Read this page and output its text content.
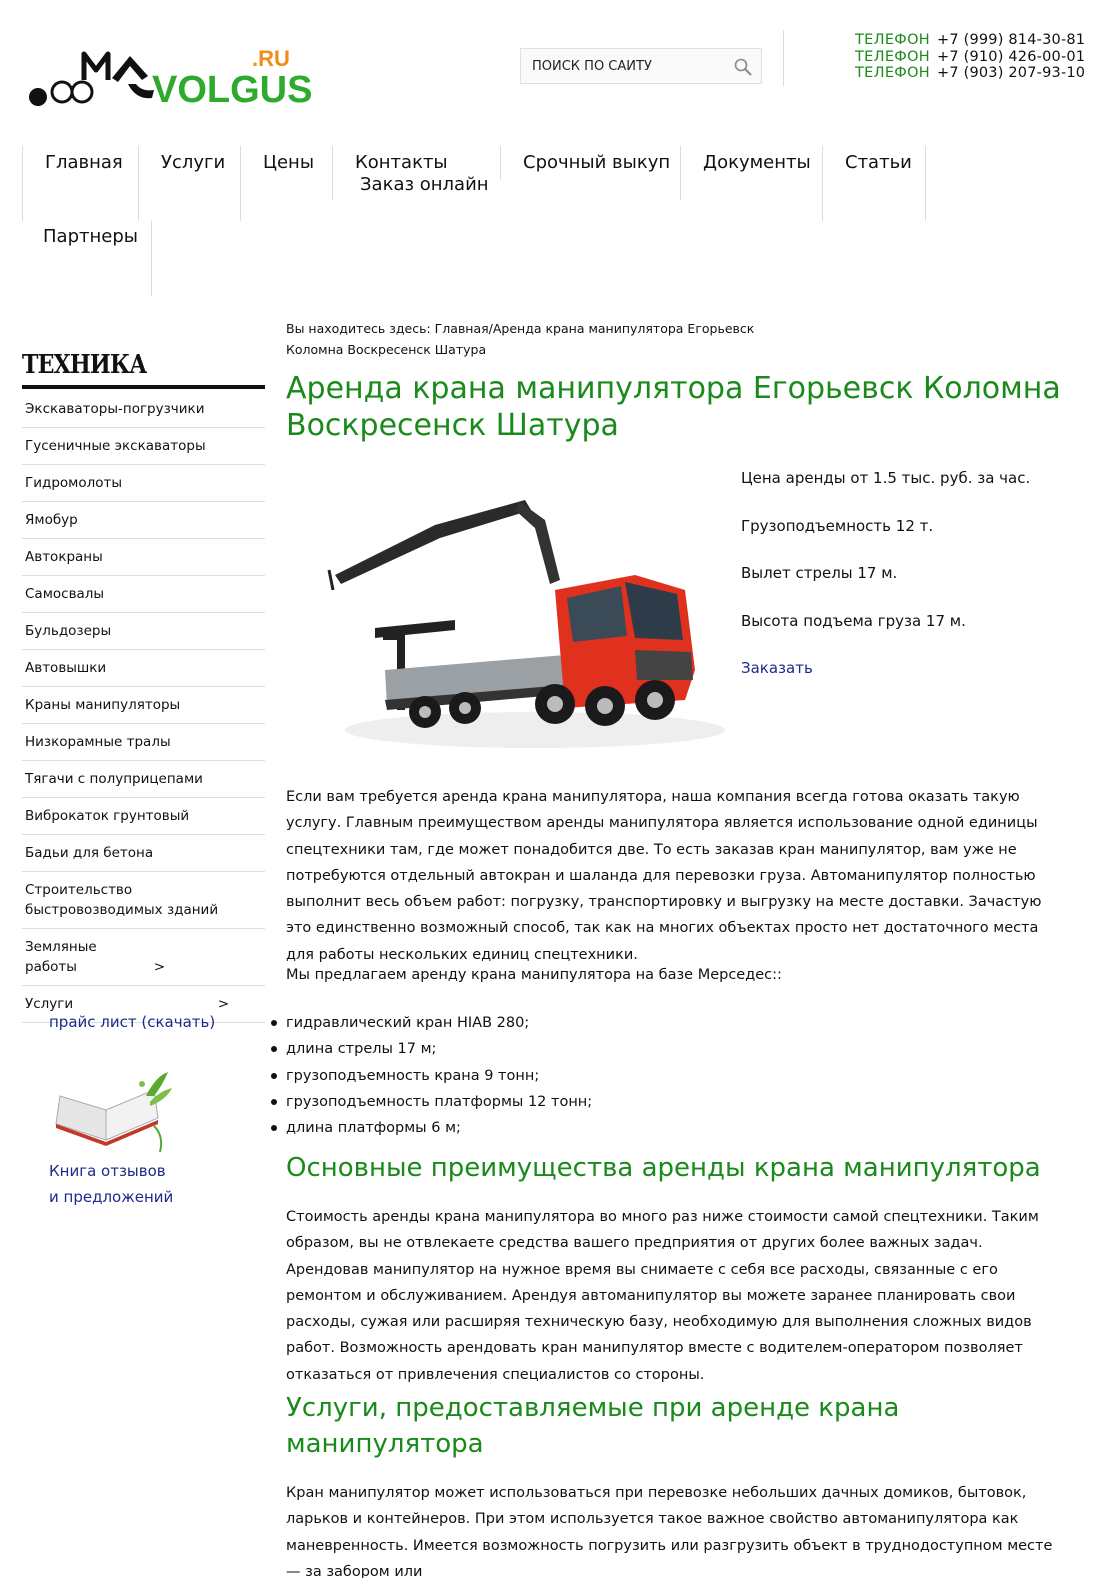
.RU
VOLGUS
ПОИСК ПО САЙТУ
ТЕЛЕФОН +7 (999) 814-30-81
ТЕЛЕФОН +7 (910) 426-00-01
ТЕЛЕФОН +7 (903) 207-93-10
Главная	Услуги	Цены	Контакты
Заказ онлайн
Срочный выкуп	Документы	Статьи
Партнеры
ТЕХНИКА
Экскаваторы-погрузчики
Гусеничные экскаваторы
Гидромолоты
Ямобур
Автокраны
Самосвалы
Бульдозеры
Автовышки
Краны манипуляторы
Низкорамные тралы
Тягачи с полуприцепами
Виброкаток грунтовый
Бадьи для бетона
Строительство
быстровозводимых зданий
Земляные
работы	>
Услуги	>
прайс лист (скачать)
Книга отзывов
и предложений
Вы находитесь здесь: Главная/Аренда крана манипулятора Егорьевск Коломна Воскресенск Шатура
Аренда крана манипулятора Егорьевск Коломна Воскресенск Шатура

Цена аренды от 1.5 тыс. руб. за час.

Грузоподъемность 12 т.

Вылет стрелы 17 м.

Высота подъема груза 17 м.

Заказать

Если вам требуется аренда крана манипулятора, наша компания всегда готова оказать такую услугу. Главным преимуществом аренды манипулятора является использование одной единицы спецтехники там, где может понадобится две. То есть заказав кран манипулятор, вам уже не потребуются отдельный автокран и шаланда для перевозки груза. Автоманипулятор полностью выполнит весь объем работ: погрузку, транспортировку и выгрузку на месте доставки. Зачастую это единственно возможный способ, так как на многих объектах просто нет достаточного места для работы нескольких единиц спецтехники.

Мы предлагаем аренду крана манипулятора на базе Мерседес::

гидравлический кран HIAB 280;
длина стрелы 17 м;
грузоподъемность крана 9 тонн;
грузоподъемность платформы 12 тонн;
длина платформы 6 м;
Основные преимущества аренды крана манипулятора

Стоимость аренды крана манипулятора во много раз ниже стоимости самой спецтехники. Таким образом, вы не отвлекаете средства вашего предприятия от других более важных задач. Арендовав манипулятор на нужное время вы снимаете с себя все расходы, связанные с его ремонтом и обслуживанием. Арендуя автоманипулятор вы можете заранее планировать свои расходы, сужая или расширяя техническую базу, необходимую для выполнения сложных видов работ. Возможность арендовать кран манипулятор вместе с водителем-оператором позволяет отказаться от привлечения специалистов со стороны.

Услуги, предоставляемые при аренде крана манипулятора

Кран манипулятор может использоваться при перевозке небольших дачных домиков, бытовок, ларьков и контейнеров. При этом используется такое важное свойство автоманипулятора как маневренность. Имеется возможность погрузить или разгрузить объект в труднодоступном месте — за забором или
